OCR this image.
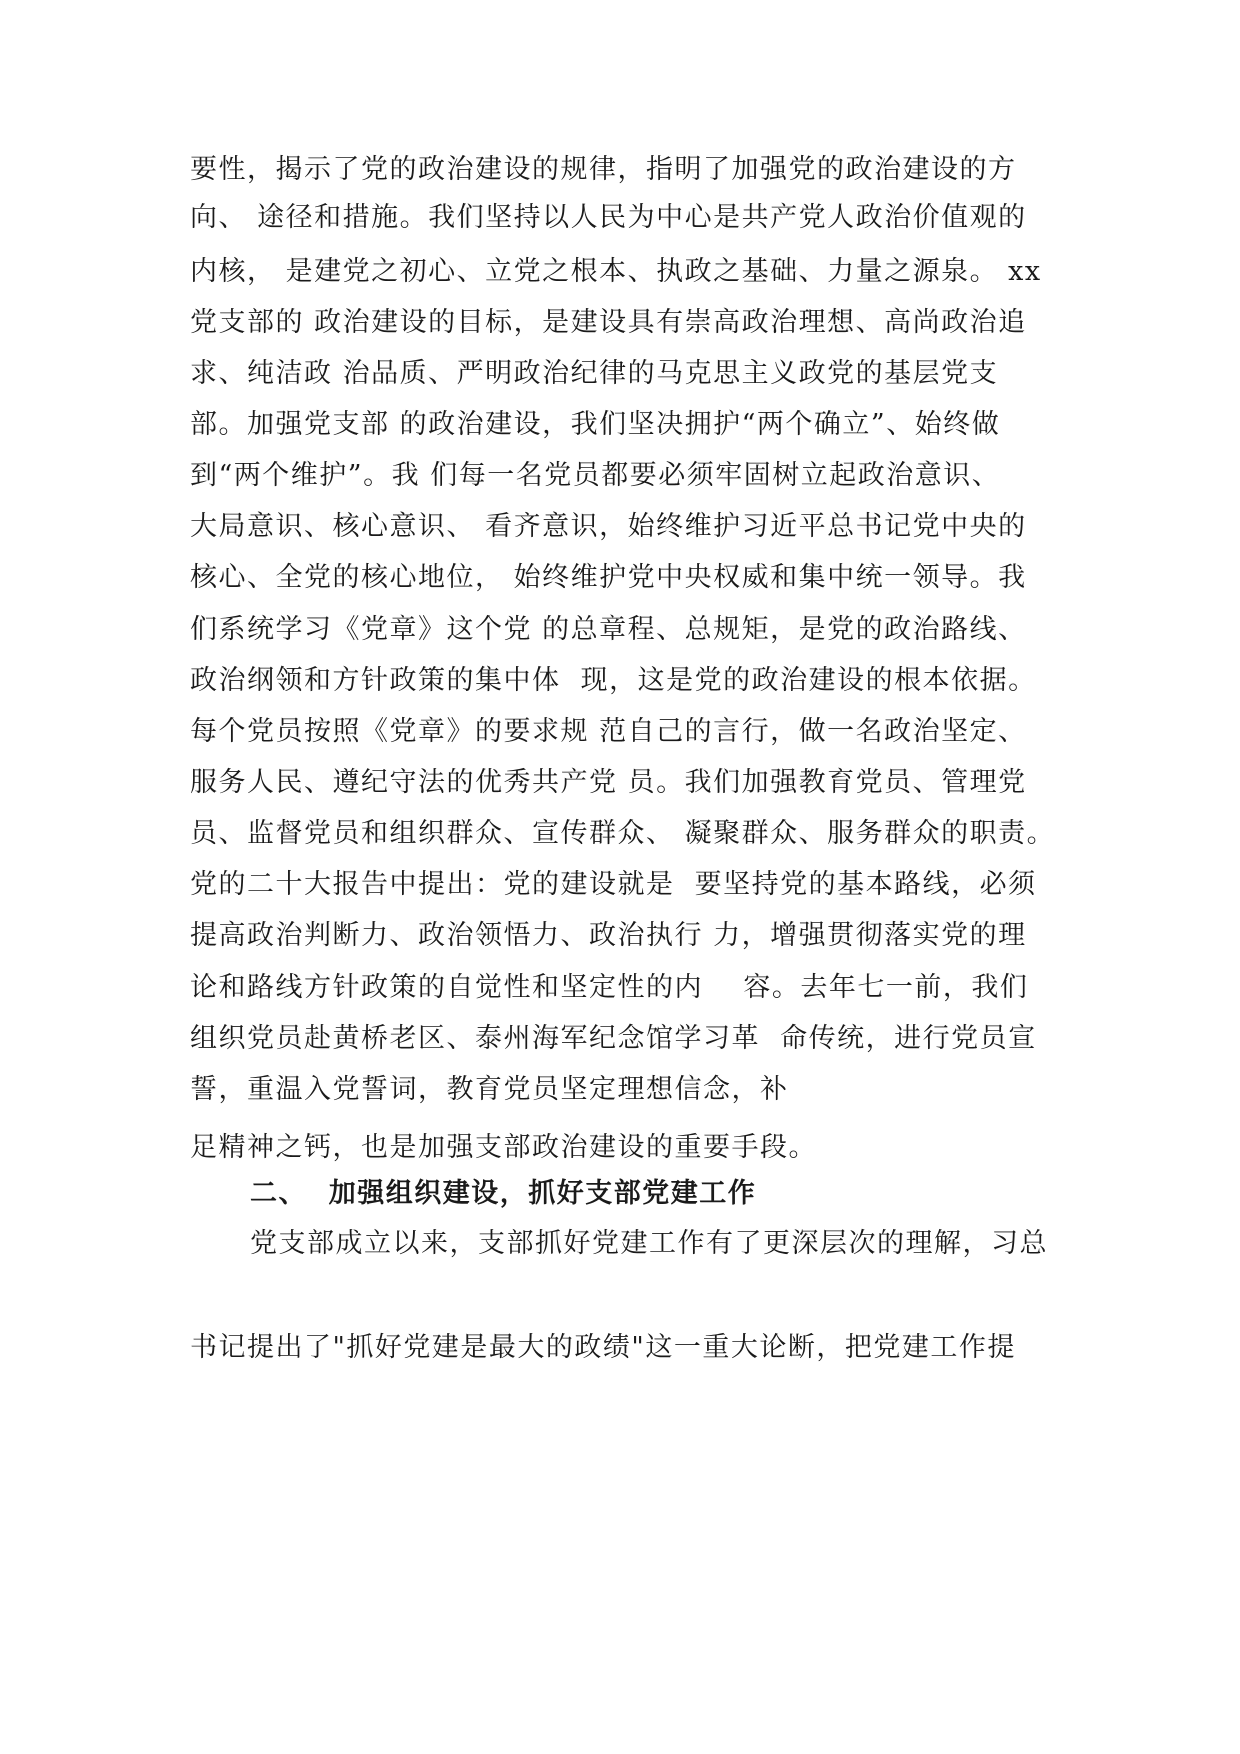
要性，揭示了党的政治建设的规律，指明了加强党的政治建设的方
向、 途径和措施。我们坚持以人民为中心是共产党人政治价值观的
内核， 是建党之初心、立党之根本、执政之基础、力量之源泉。 xx
党支部的 政治建设的目标，是建设具有崇高政治理想、高尚政治追
求、纯洁政 治品质、严明政治纪律的马克思主义政党的基层党支
部。加强党支部 的政治建设，我们坚决拥护“两个确立”、始终做
到“两个维护”。我 们每一名党员都要必须牢固树立起政治意识、
大局意识、核心意识、 看齐意识，始终维护习近平总书记党中央的
核心、全党的核心地位， 始终维护党中央权威和集中统一领导。我
们系统学习《党章》这个党 的总章程、总规矩，是党的政治路线、
政治纲领和方针政策的集中体  现，这是党的政治建设的根本依据。
每个党员按照《党章》的要求规 范自己的言行，做一名政治坚定、
服务人民、遵纪守法的优秀共产党 员。我们加强教育党员、管理党
员、监督党员和组织群众、宣传群众、 凝聚群众、服务群众的职责。
党的二十大报告中提出：党的建设就是  要坚持党的基本路线，必须
提高政治判断力、政治领悟力、政治执行 力，增强贯彻落实党的理
论和路线方针政策的自觉性和坚定性的内    容。去年七一前，我们
组织党员赴黄桥老区、泰州海军纪念馆学习革  命传统，进行党员宣
誓，重温入党誓词，教育党员坚定理想信念，补
足精神之钙，也是加强支部政治建设的重要手段。
二、  加强组织建设，抓好支部党建工作
党支部成立以来，支部抓好党建工作有了更深层次的理解，习总
书记提出了"抓好党建是最大的政绩"这一重大论断，把党建工作提
